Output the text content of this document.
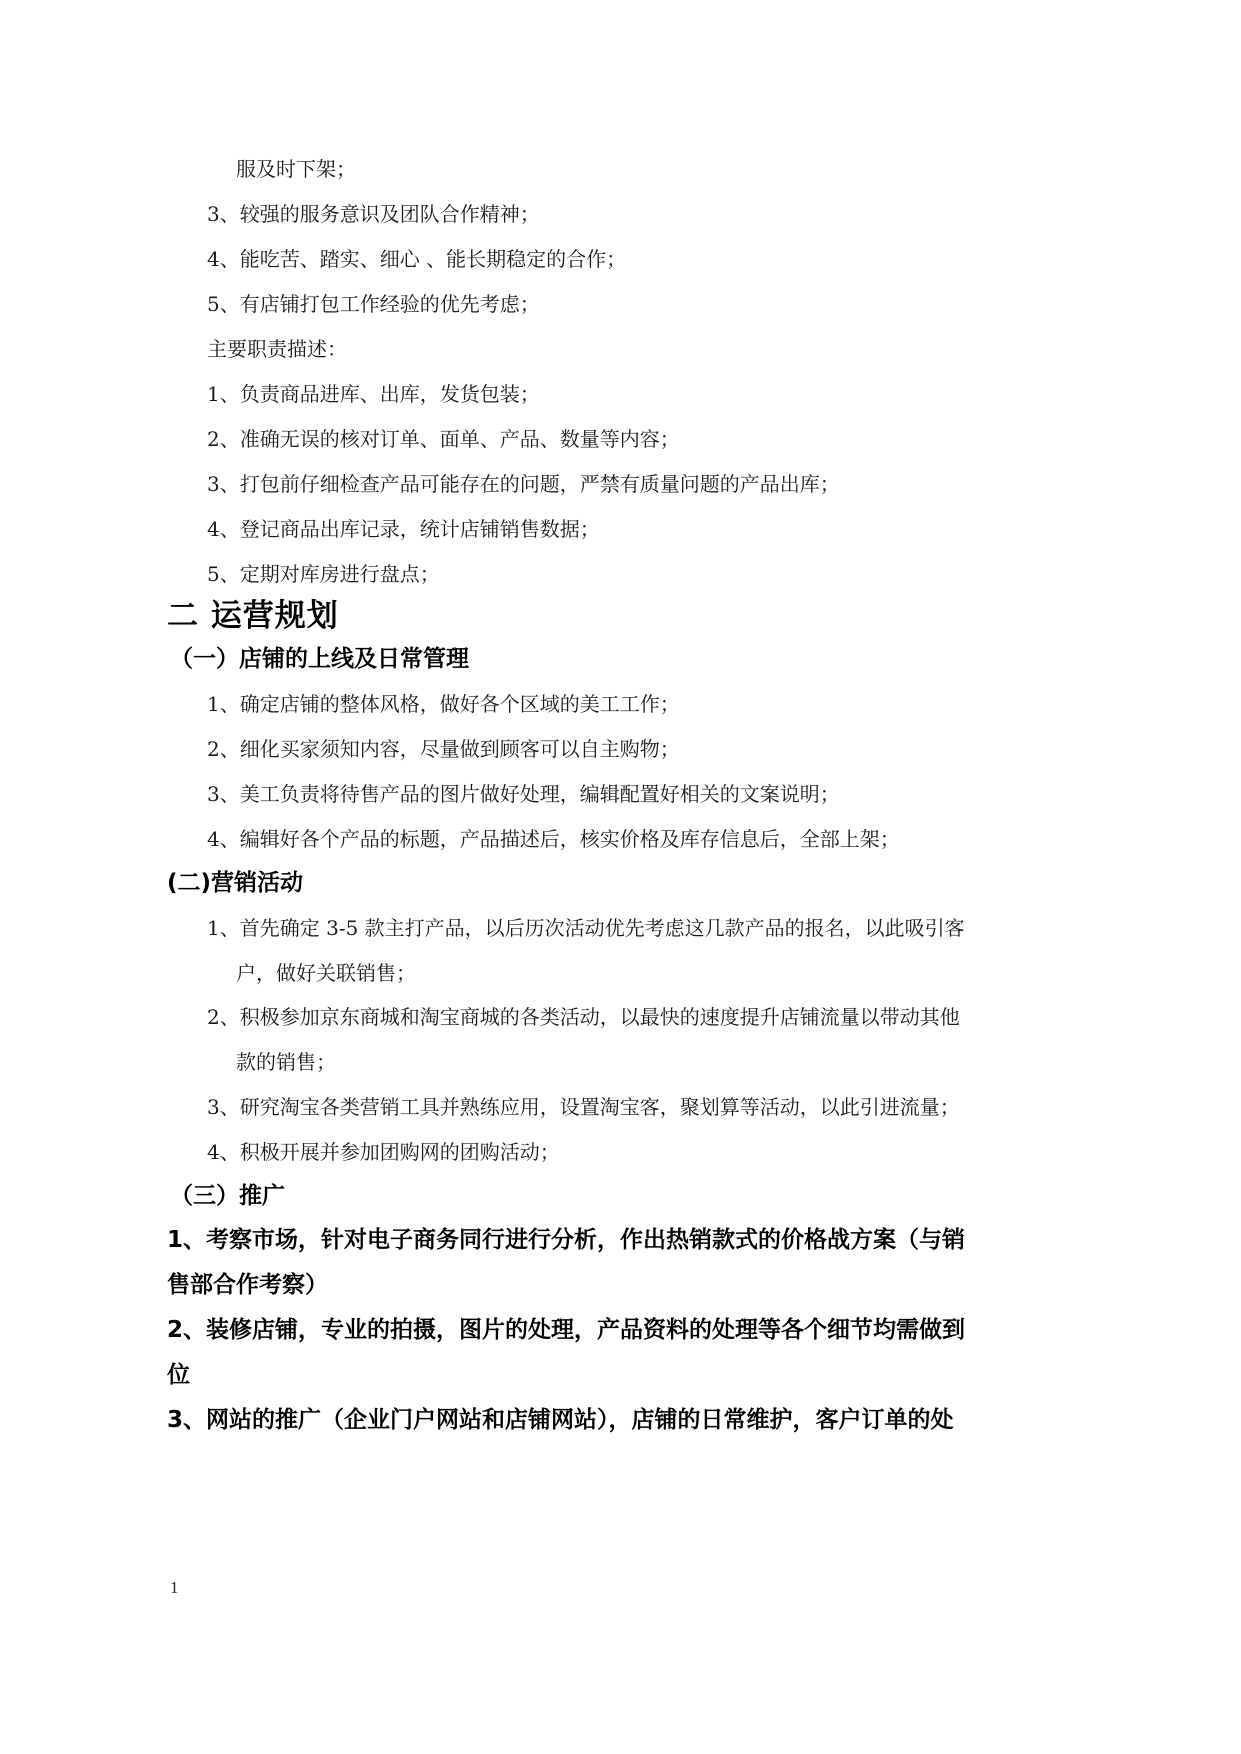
服及时下架；
3、较强的服务意识及团队合作精神；
4、能吃苦、踏实、细心 、能长期稳定的合作；
5、有店铺打包工作经验的优先考虑；
主要职责描述：
1、负责商品进库、出库，发货包装；
2、准确无误的核对订单、面单、产品、数量等内容；
3、打包前仔细检查产品可能存在的问题，严禁有质量问题的产品出库；
4、登记商品出库记录，统计店铺销售数据；
5、定期对库房进行盘点；
二 运营规划
（一）店铺的上线及日常管理
1、确定店铺的整体风格，做好各个区域的美工工作；
2、细化买家须知内容，尽量做到顾客可以自主购物；
3、美工负责将待售产品的图片做好处理，编辑配置好相关的文案说明；
4、编辑好各个产品的标题，产品描述后，核实价格及库存信息后，全部上架；
(二)营销活动
1、首先确定 3-5 款主打产品，以后历次活动优先考虑这几款产品的报名，以此吸引客
户，做好关联销售；
2、积极参加京东商城和淘宝商城的各类活动，以最快的速度提升店铺流量以带动其他
款的销售；
3、研究淘宝各类营销工具并熟练应用，设置淘宝客，聚划算等活动，以此引进流量；
4、积极开展并参加团购网的团购活动；
（三）推广
1、考察市场，针对电子商务同行进行分析，作出热销款式的价格战方案（与销
售部合作考察）
2、装修店铺，专业的拍摄，图片的处理，产品资料的处理等各个细节均需做到
位
3、网站的推广（企业门户网站和店铺网站），店铺的日常维护，客户订单的处
1
